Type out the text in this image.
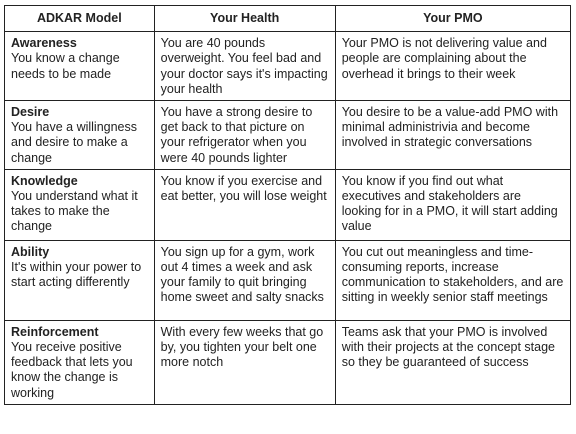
ADKAR Model	Your Health	Your PMO

Awareness
You know a change needs to be made	You are 40 pounds overweight. You feel bad and your doctor says it's impacting your health	Your PMO is not delivering value and people are complaining about the overhead it brings to their week

Desire
You have a willingness and desire to make a change	You have a strong desire to get back to that picture on your refrigerator when you were 40 pounds lighter	You desire to be a value-add PMO with minimal administrivia and become involved in strategic conversations

Knowledge
You understand what it takes to make the change	You know if you exercise and eat better, you will lose weight	You know if you find out what executives and stakeholders are looking for in a PMO, it will start adding value

Ability
It's within your power to start acting differently	You sign up for a gym, work out 4 times a week and ask your family to quit bringing home sweet and salty snacks	You cut out meaningless and time-consuming reports, increase communication to stakeholders, and are sitting in weekly senior staff meetings

Reinforcement
You receive positive feedback that lets you know the change is working	With every few weeks that go by, you tighten your belt one more notch	Teams ask that your PMO is involved with their projects at the concept stage so they be guaranteed of success
